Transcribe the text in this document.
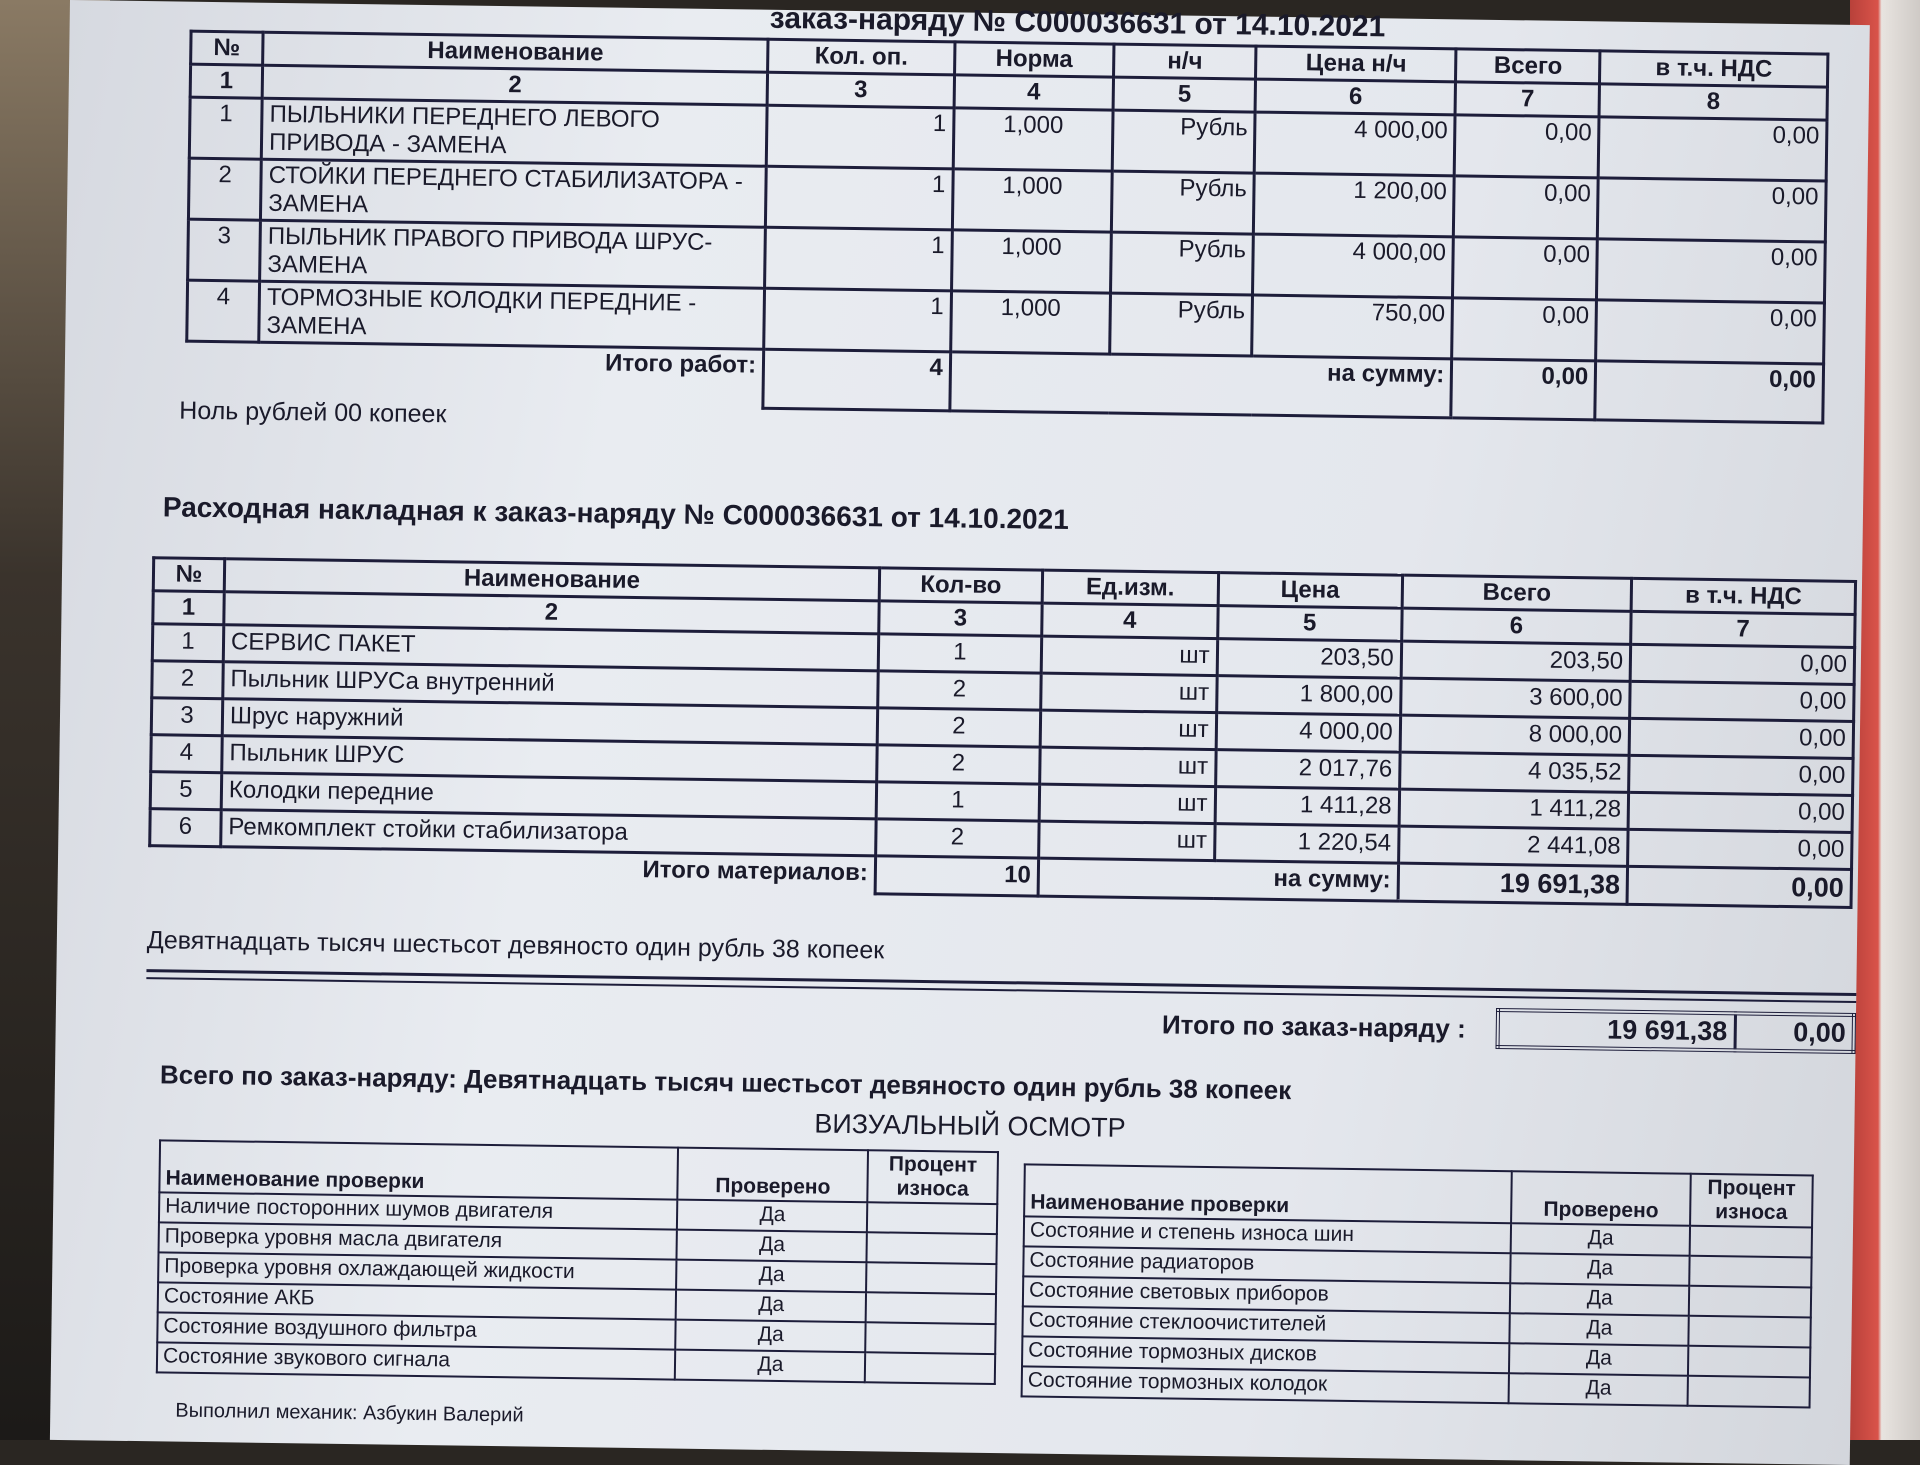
заказ-наряду № С000036631 от 14.10.2021
№	Наименование	Кол. оп.	Норма	н/ч	Цена н/ч	Всего	в т.ч. НДС
1	2	3	4	5	6	7	8
1	ПЫЛЬНИКИ ПЕРЕДНЕГО ЛЕВОГО ПРИВОДА - ЗАМЕНА	1	1,000	Рубль	4 000,00	0,00	0,00
2	СТОЙКИ ПЕРЕДНЕГО СТАБИЛИЗАТОРА - ЗАМЕНА	1	1,000	Рубль	1 200,00	0,00	0,00
3	ПЫЛЬНИК ПРАВОГО ПРИВОДА ШРУС-ЗАМЕНА	1	1,000	Рубль	4 000,00	0,00	0,00
4	ТОРМОЗНЫЕ КОЛОДКИ ПЕРЕДНИЕ - ЗАМЕНА	1	1,000	Рубль	750,00	0,00	0,00
Итого работ:		4	на сумму:			0,00	0,00
Ноль рублей 00 копеек
Расходная накладная к заказ-наряду № С000036631 от 14.10.2021
№	Наименование	Кол-во	Ед.изм.	Цена	Всего	в т.ч. НДС
1	2	3	4	5	6	7
1	СЕРВИС ПАКЕТ	1	шт	203,50	203,50	0,00
2	Пыльник ШРУСа внутренний	2	шт	1 800,00	3 600,00	0,00
3	Шрус наружний	2	шт	4 000,00	8 000,00	0,00
4	Пыльник ШРУС	2	шт	2 017,76	4 035,52	0,00
5	Колодки передние	1	шт	1 411,28	1 411,28	0,00
6	Ремкомплект стойки стабилизатора	2	шт	1 220,54	2 441,08	0,00
Итого материалов:		10	на сумму:		19 691,38	0,00
Девятнадцать тысяч шестьсот девяносто один рубль 38 копеек
Итого по заказ-наряду :	19 691,38	0,00
Всего по заказ-наряду: Девятнадцать тысяч шестьсот девяносто один рубль 38 копеек
ВИЗУАЛЬНЫЙ ОСМОТР
Наименование проверки	Проверено	Процент износа
Наличие посторонних шумов двигателя	Да	
Проверка уровня масла двигателя	Да	
Проверка уровня охлаждающей жидкости	Да	
Состояние АКБ	Да	
Состояние воздушного фильтра	Да	
Состояние звукового сигнала	Да	
Выполнил механик: Азбукин Валерий
Наименование проверки	Проверено	Процент износа
Состояние и степень износа шин	Да	
Состояние радиаторов	Да	
Состояние световых приборов	Да	
Состояние стеклоочистителей	Да	
Состояние тормозных дисков	Да	
Состояние тормозных колодок	Да	
